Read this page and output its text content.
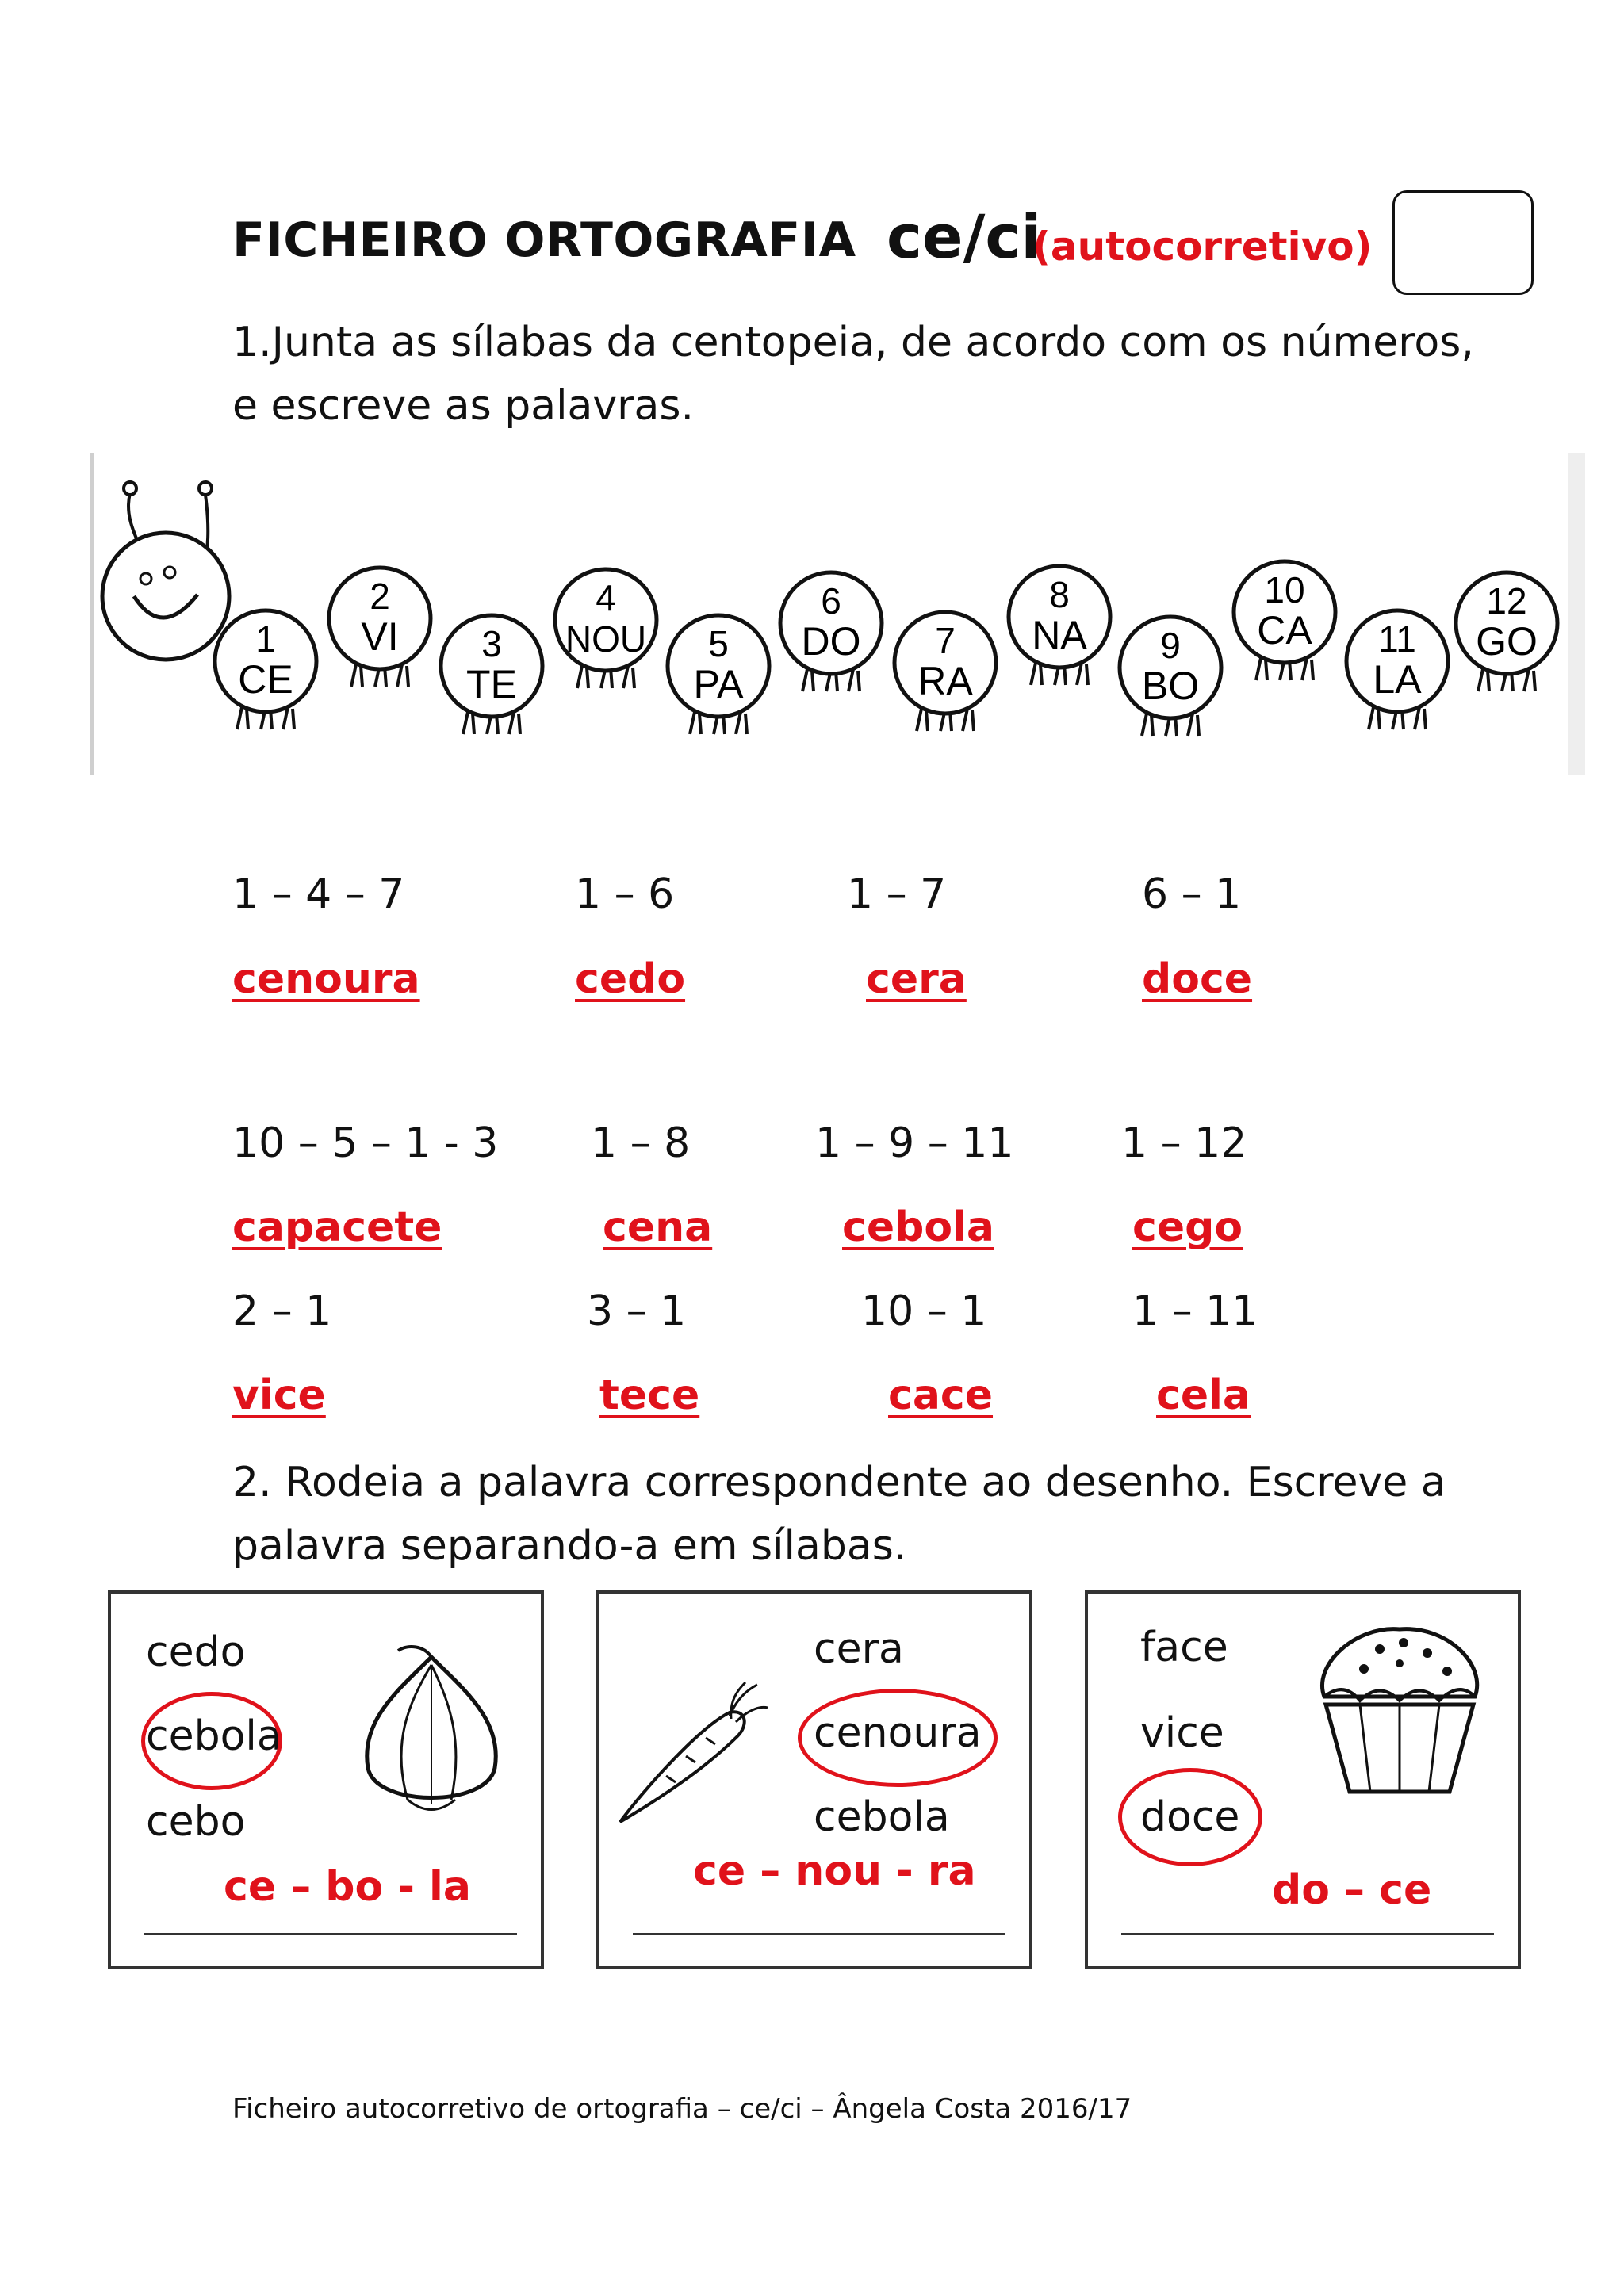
FICHEIRO ORTOGRAFIA ce/ci
(autocorretivo)
1.Junta as sílabas da centopeia, de acordo com os números,
e escreve as palavras.
1
CE
2
VI 3
TE
4
NOU 5
PA
6
DO 7
RA
8
NA 9
BO
10
CA 11
LA
12
GO
1 – 4 – 7
cenoura
1 – 6
cedo
1 – 7
cera
6 – 1
doce
10 – 5 – 1 - 3
capacete
1 – 8
cena
1 – 9 – 11
cebola
1 – 12
cego
2 – 1
vice
3 – 1
tece
10 – 1
cace
1 – 11
cela
2. Rodeia a palavra correspondente ao desenho. Escreve a
palavra separando-a em sílabas.
cedo
cebola
cebo
ce – bo - la
cera
cenoura
cebola
ce – nou - ra
face
vice
doce
do – ce
Ficheiro autocorretivo de ortografia – ce/ci – Ângela Costa 2016/17
